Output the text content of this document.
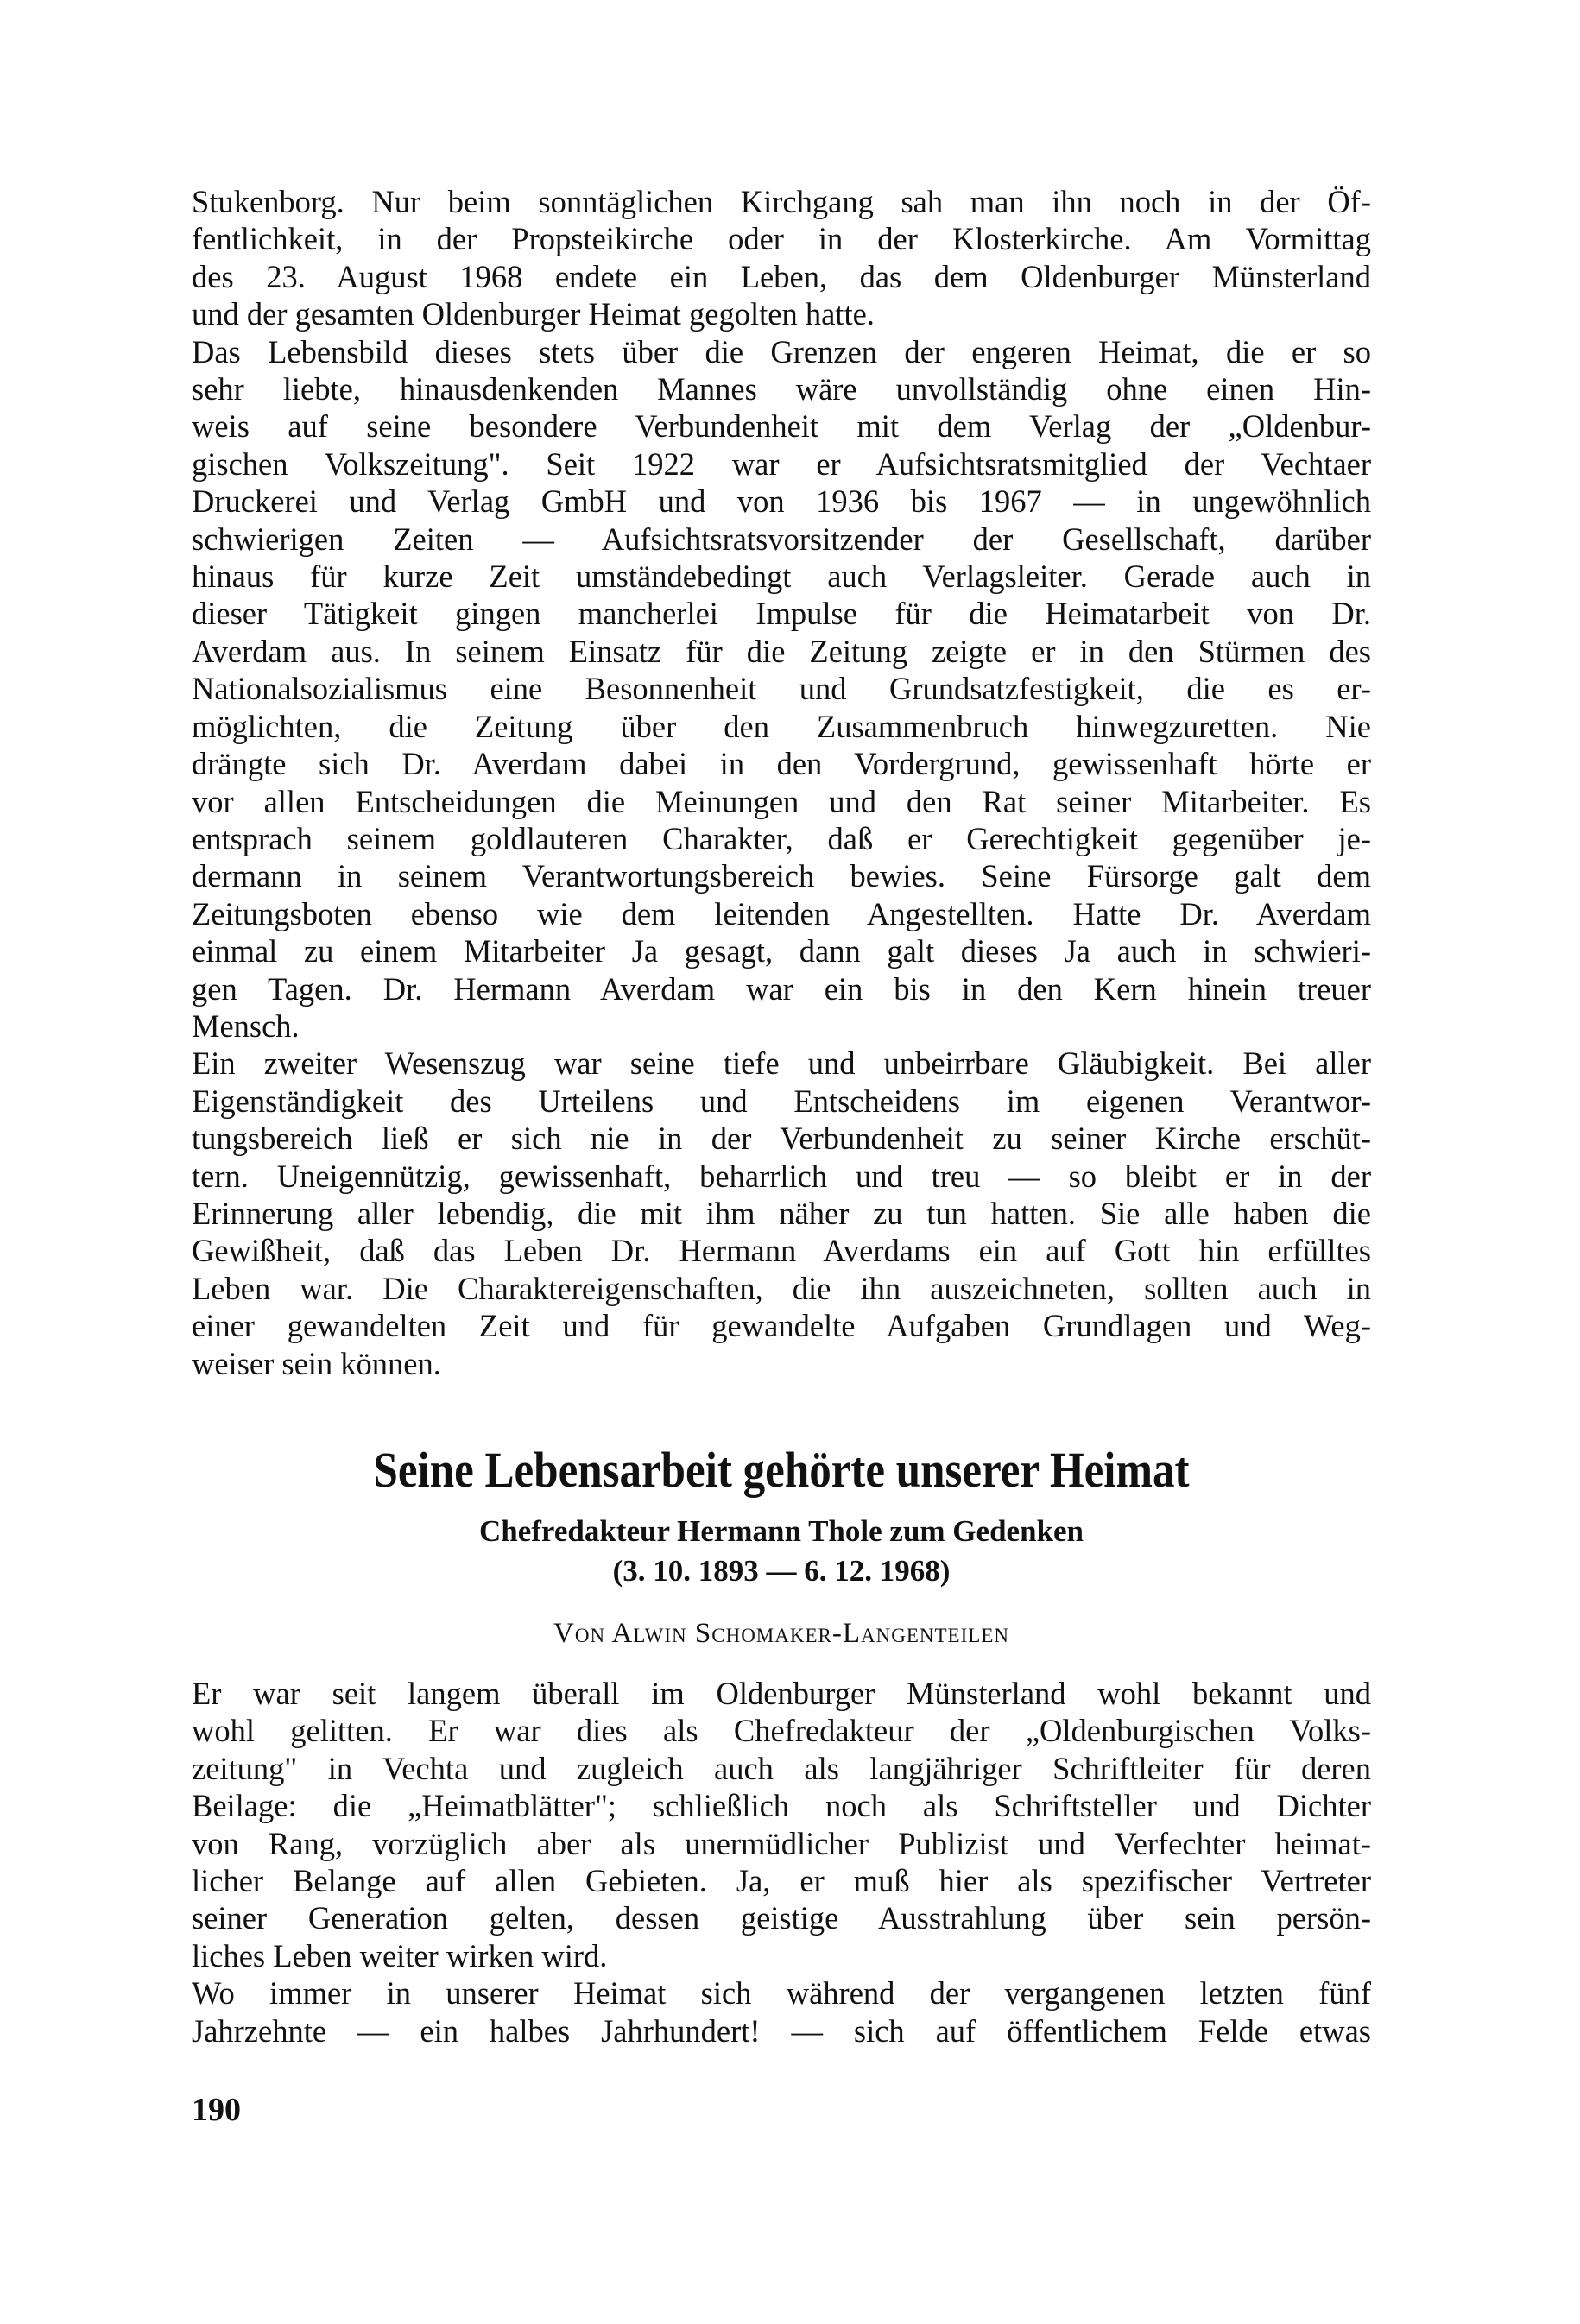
Stukenborg. Nur beim sonntäglichen Kirchgang sah man ihn noch in der Öf-
fentlichkeit, in der Propsteikirche oder in der Klosterkirche. Am Vormittag
des 23. August 1968 endete ein Leben, das dem Oldenburger Münsterland
und der gesamten Oldenburger Heimat gegolten hatte.
Das Lebensbild dieses stets über die Grenzen der engeren Heimat, die er so
sehr liebte, hinausdenkenden Mannes wäre unvollständig ohne einen Hin-
weis auf seine besondere Verbundenheit mit dem Verlag der „Oldenbur-
gischen Volkszeitung". Seit 1922 war er Aufsichtsratsmitglied der Vechtaer
Druckerei und Verlag GmbH und von 1936 bis 1967 — in ungewöhnlich
schwierigen Zeiten — Aufsichtsratsvorsitzender der Gesellschaft, darüber
hinaus für kurze Zeit umständebedingt auch Verlagsleiter. Gerade auch in
dieser Tätigkeit gingen mancherlei Impulse für die Heimatarbeit von Dr.
Averdam aus. In seinem Einsatz für die Zeitung zeigte er in den Stürmen des
Nationalsozialismus eine Besonnenheit und Grundsatzfestigkeit, die es er-
möglichten, die Zeitung über den Zusammenbruch hinwegzuretten. Nie
drängte sich Dr. Averdam dabei in den Vordergrund, gewissenhaft hörte er
vor allen Entscheidungen die Meinungen und den Rat seiner Mitarbeiter. Es
entsprach seinem goldlauteren Charakter, daß er Gerechtigkeit gegenüber je-
dermann in seinem Verantwortungsbereich bewies. Seine Fürsorge galt dem
Zeitungsboten ebenso wie dem leitenden Angestellten. Hatte Dr. Averdam
einmal zu einem Mitarbeiter Ja gesagt, dann galt dieses Ja auch in schwieri-
gen Tagen. Dr. Hermann Averdam war ein bis in den Kern hinein treuer
Mensch.
Ein zweiter Wesenszug war seine tiefe und unbeirrbare Gläubigkeit. Bei aller
Eigenständigkeit des Urteilens und Entscheidens im eigenen Verantwor-
tungsbereich ließ er sich nie in der Verbundenheit zu seiner Kirche erschüt-
tern. Uneigennützig, gewissenhaft, beharrlich und treu — so bleibt er in der
Erinnerung aller lebendig, die mit ihm näher zu tun hatten. Sie alle haben die
Gewißheit, daß das Leben Dr. Hermann Averdams ein auf Gott hin erfülltes
Leben war. Die Charaktereigenschaften, die ihn auszeichneten, sollten auch in
einer gewandelten Zeit und für gewandelte Aufgaben Grundlagen und Weg-
weiser sein können.
Seine Lebensarbeit gehörte unserer Heimat
Chefredakteur Hermann Thole zum Gedenken
(3. 10. 1893 — 6. 12. 1968)
Von Alwin Schomaker-Langenteilen
Er war seit langem überall im Oldenburger Münsterland wohl bekannt und
wohl gelitten. Er war dies als Chefredakteur der „Oldenburgischen Volks-
zeitung" in Vechta und zugleich auch als langjähriger Schriftleiter für deren
Beilage: die „Heimatblätter"; schließlich noch als Schriftsteller und Dichter
von Rang, vorzüglich aber als unermüdlicher Publizist und Verfechter heimat-
licher Belange auf allen Gebieten. Ja, er muß hier als spezifischer Vertreter
seiner Generation gelten, dessen geistige Ausstrahlung über sein persön-
liches Leben weiter wirken wird.
Wo immer in unserer Heimat sich während der vergangenen letzten fünf
Jahrzehnte — ein halbes Jahrhundert! — sich auf öffentlichem Felde etwas
190
